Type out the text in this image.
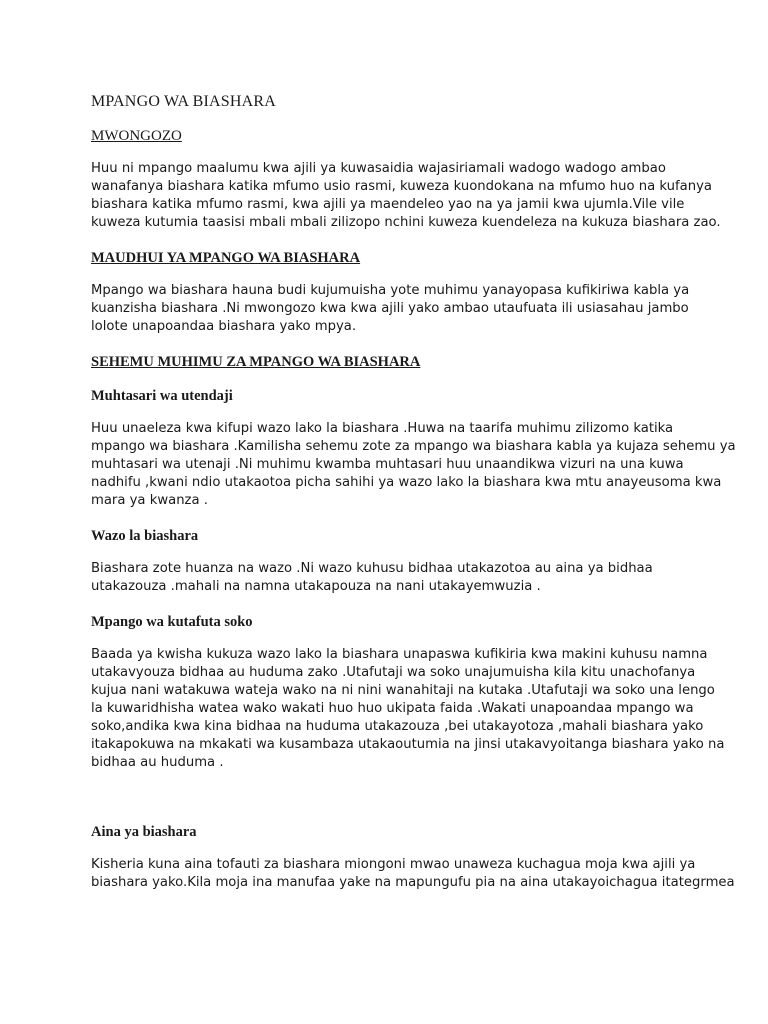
MPANGO WA BIASHARA
MWONGOZO
Huu ni mpango maalumu kwa ajili ya kuwasaidia wajasiriamali wadogo wadogo ambao
wanafanya biashara katika mfumo usio rasmi, kuweza kuondokana na mfumo huo na kufanya
biashara katika mfumo rasmi, kwa ajili ya maendeleo yao na ya jamii kwa ujumla.Vile vile
kuweza kutumia taasisi mbali mbali zilizopo nchini kuweza kuendeleza na kukuza biashara zao.
MAUDHUI YA MPANGO WA BIASHARA
Mpango wa biashara hauna budi kujumuisha yote muhimu yanayopasa kufikiriwa kabla ya
kuanzisha biashara .Ni mwongozo kwa kwa ajili yako ambao utaufuata ili usiasahau jambo
lolote unapoandaa biashara yako mpya.
SEHEMU MUHIMU ZA MPANGO WA BIASHARA
Muhtasari wa utendaji
Huu unaeleza kwa kifupi wazo lako la biashara .Huwa na taarifa muhimu zilizomo katika
mpango wa biashara .Kamilisha sehemu zote za mpango wa biashara kabla ya kujaza sehemu ya
muhtasari wa utenaji .Ni muhimu kwamba muhtasari huu unaandikwa vizuri na una kuwa
nadhifu ,kwani ndio utakaotoa picha sahihi ya wazo lako la biashara kwa mtu anayeusoma kwa
mara ya kwanza .
Wazo la biashara
Biashara zote huanza na wazo .Ni wazo kuhusu bidhaa utakazotoa au aina ya bidhaa
utakazouza .mahali na namna utakapouza na nani utakayemwuzia .
Mpango wa kutafuta soko
Baada ya kwisha kukuza wazo lako la biashara unapaswa kufikiria kwa makini kuhusu namna
utakavyouza bidhaa au huduma zako .Utafutaji wa soko unajumuisha kila kitu unachofanya
kujua nani watakuwa wateja wako na ni nini wanahitaji na kutaka .Utafutaji wa soko una lengo
la kuwaridhisha watea wako wakati huo huo ukipata faida .Wakati unapoandaa mpango wa
soko,andika kwa kina bidhaa na huduma utakazouza ,bei utakayotoza ,mahali biashara yako
itakapokuwa na mkakati wa kusambaza utakaoutumia na jinsi utakavyoitanga biashara yako na
bidhaa au huduma .
Aina ya biashara
Kisheria kuna aina tofauti za biashara miongoni mwao unaweza kuchagua moja kwa ajili ya
biashara yako.Kila moja ina manufaa yake na mapungufu pia na aina utakayoichagua itategrmea
